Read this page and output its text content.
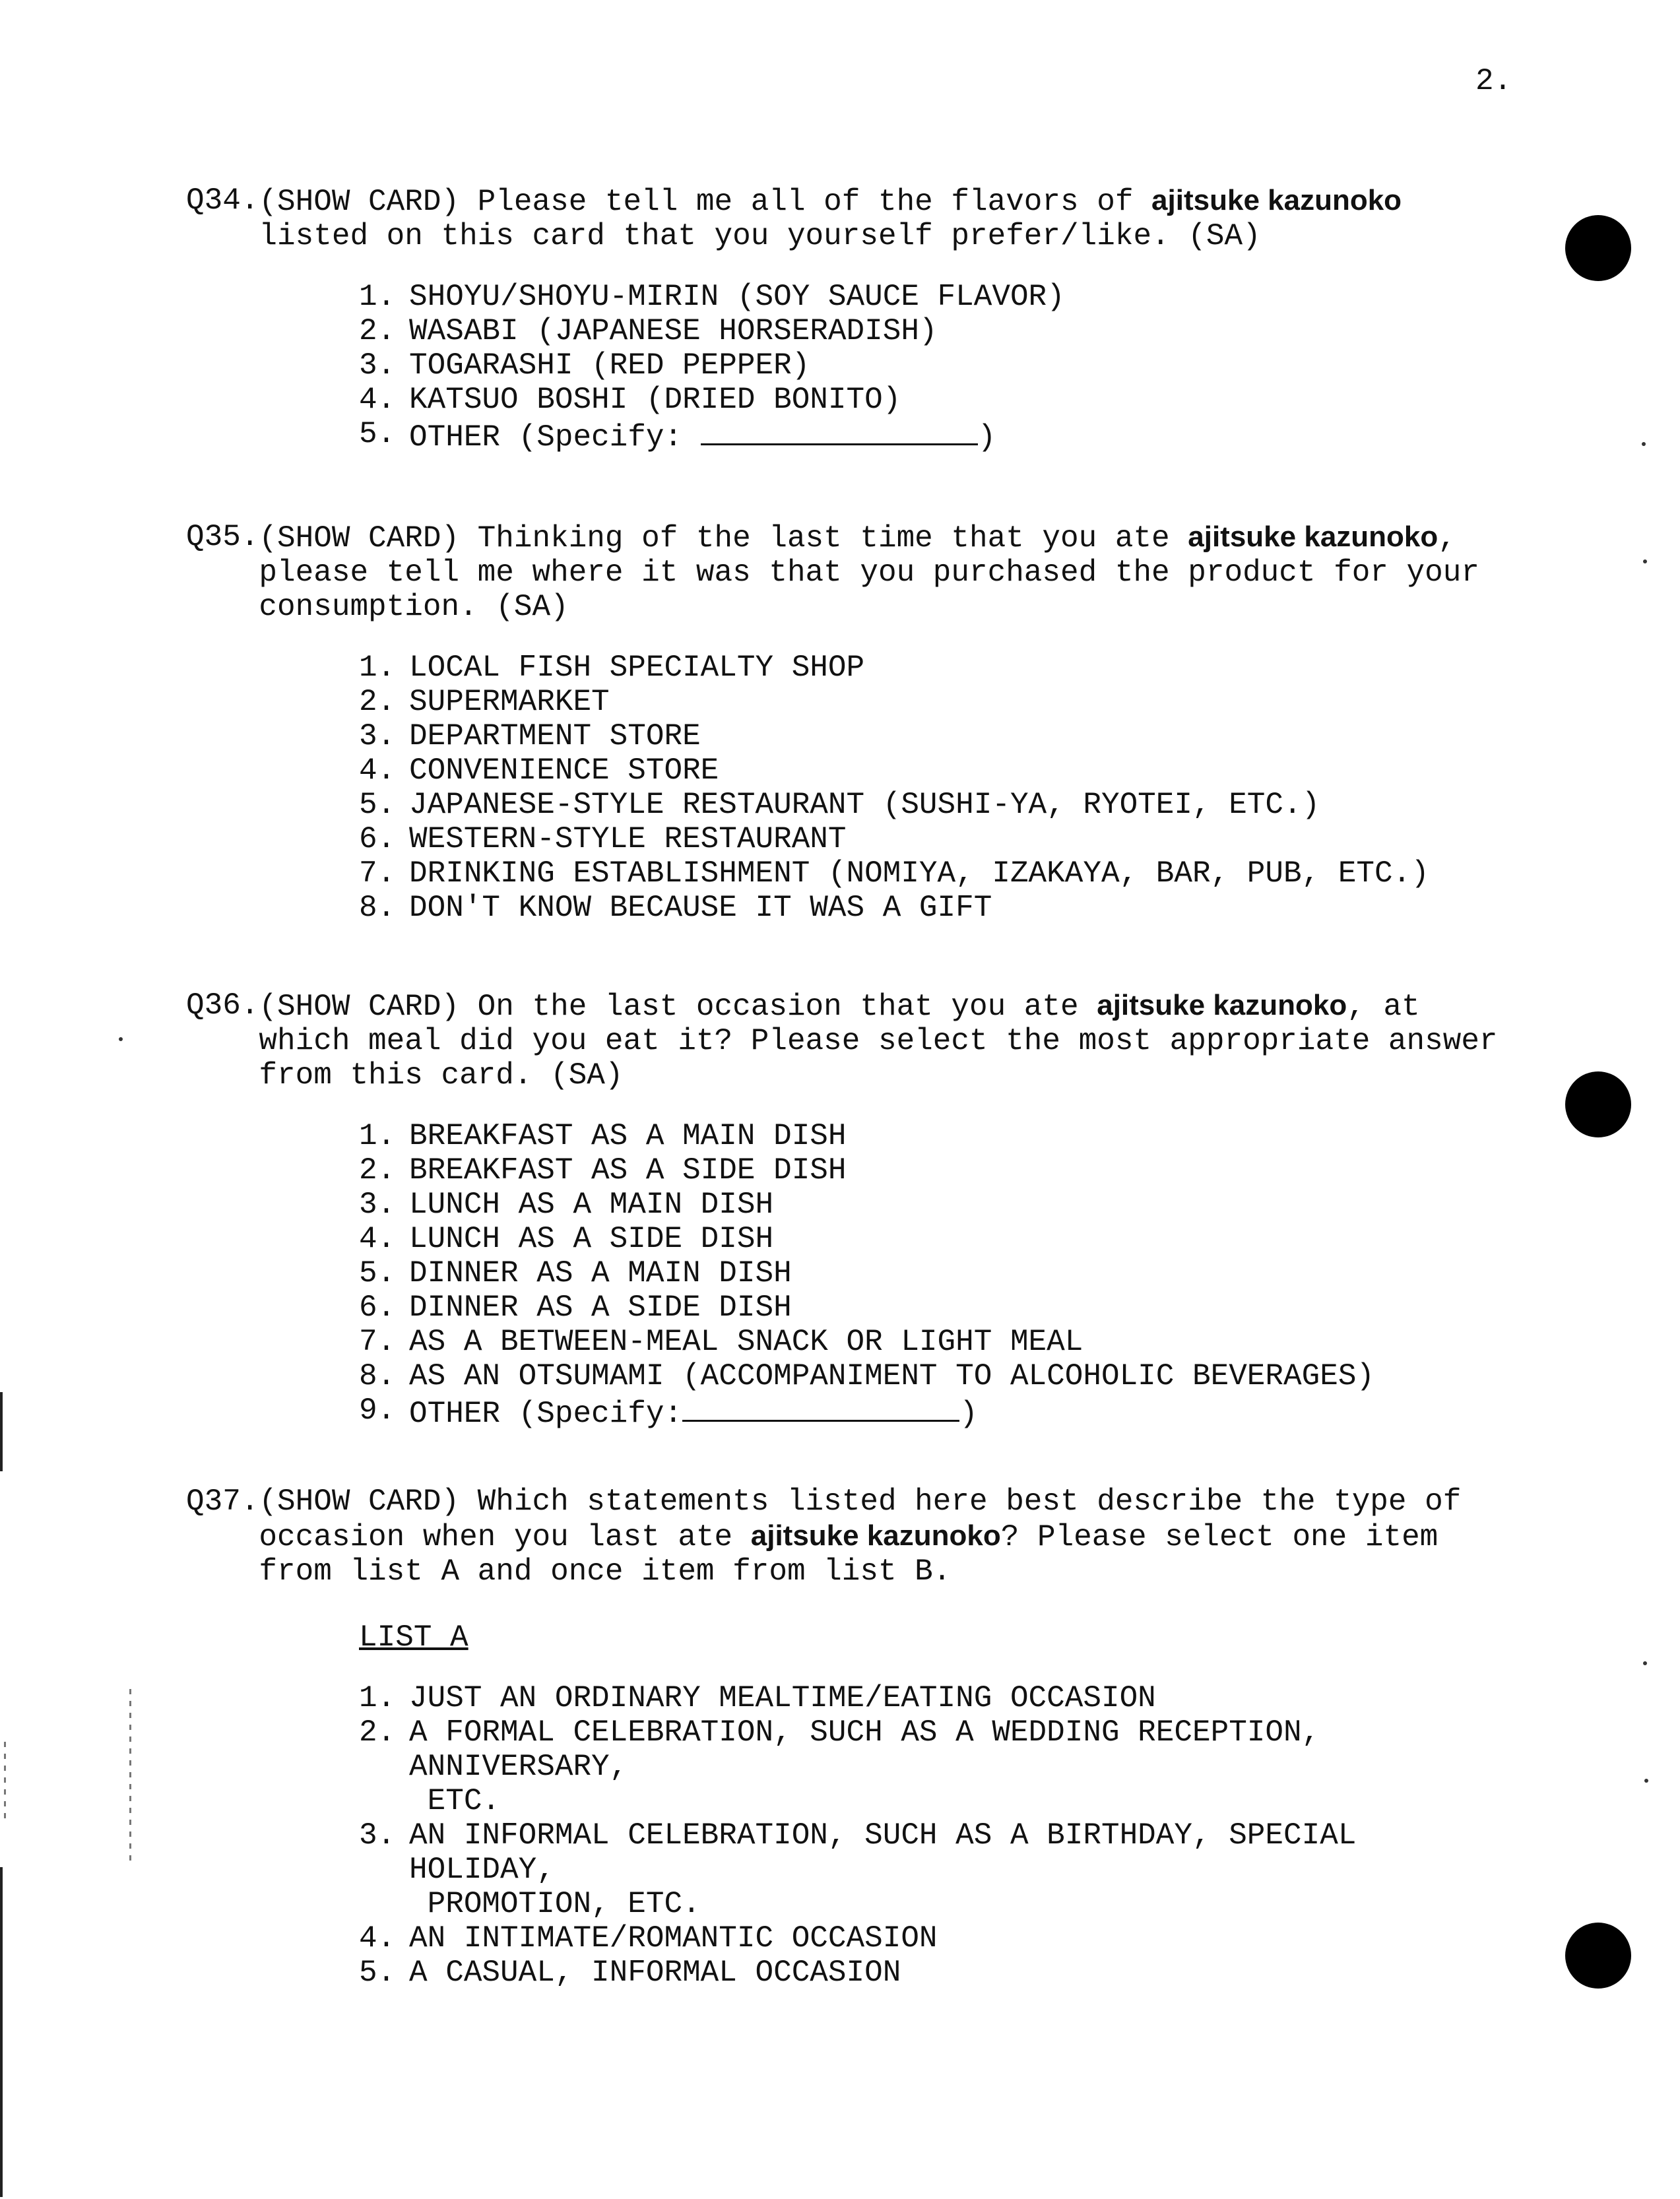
2.
Q34. (SHOW CARD) Please tell me all of the flavors of ajitsuke kazunoko listed on this card that you yourself prefer/like. (SA)
1. SHOYU/SHOYU-MIRIN (SOY SAUCE FLAVOR)
2. WASABI (JAPANESE HORSERADISH)
3. TOGARASHI (RED PEPPER)
4. KATSUO BOSHI (DRIED BONITO)
5. OTHER (Specify:	)
Q35. (SHOW CARD) Thinking of the last time that you ate ajitsuke kazunoko, please tell me where it was that you purchased the product for your consumption. (SA)
1. LOCAL FISH SPECIALTY SHOP
2. SUPERMARKET
3. DEPARTMENT STORE
4. CONVENIENCE STORE
5. JAPANESE-STYLE RESTAURANT (SUSHI-YA, RYOTEI, ETC.)
6. WESTERN-STYLE RESTAURANT
7. DRINKING ESTABLISHMENT (NOMIYA, IZAKAYA, BAR, PUB, ETC.)
8. DON'T KNOW BECAUSE IT WAS A GIFT
Q36. (SHOW CARD) On the last occasion that you ate ajitsuke kazunoko, at which meal did you eat it? Please select the most appropriate answer from this card. (SA)
1. BREAKFAST AS A MAIN DISH
2. BREAKFAST AS A SIDE DISH
3. LUNCH AS A MAIN DISH
4. LUNCH AS A SIDE DISH
5. DINNER AS A MAIN DISH
6. DINNER AS A SIDE DISH
7. AS A BETWEEN-MEAL SNACK OR LIGHT MEAL
8. AS AN OTSUMAMI (ACCOMPANIMENT TO ALCOHOLIC BEVERAGES)
9. OTHER (Specify:	)
Q37. (SHOW CARD) Which statements listed here best describe the type of occasion when you last ate ajitsuke kazunoko? Please select one item from list A and once item from list B.
LIST A
1. JUST AN ORDINARY MEALTIME/EATING OCCASION
2. A FORMAL CELEBRATION, SUCH AS A WEDDING RECEPTION, ANNIVERSARY,
ETC.
3. AN INFORMAL CELEBRATION, SUCH AS A BIRTHDAY, SPECIAL HOLIDAY,
PROMOTION, ETC.
4. AN INTIMATE/ROMANTIC OCCASION
5. A CASUAL, INFORMAL OCCASION
